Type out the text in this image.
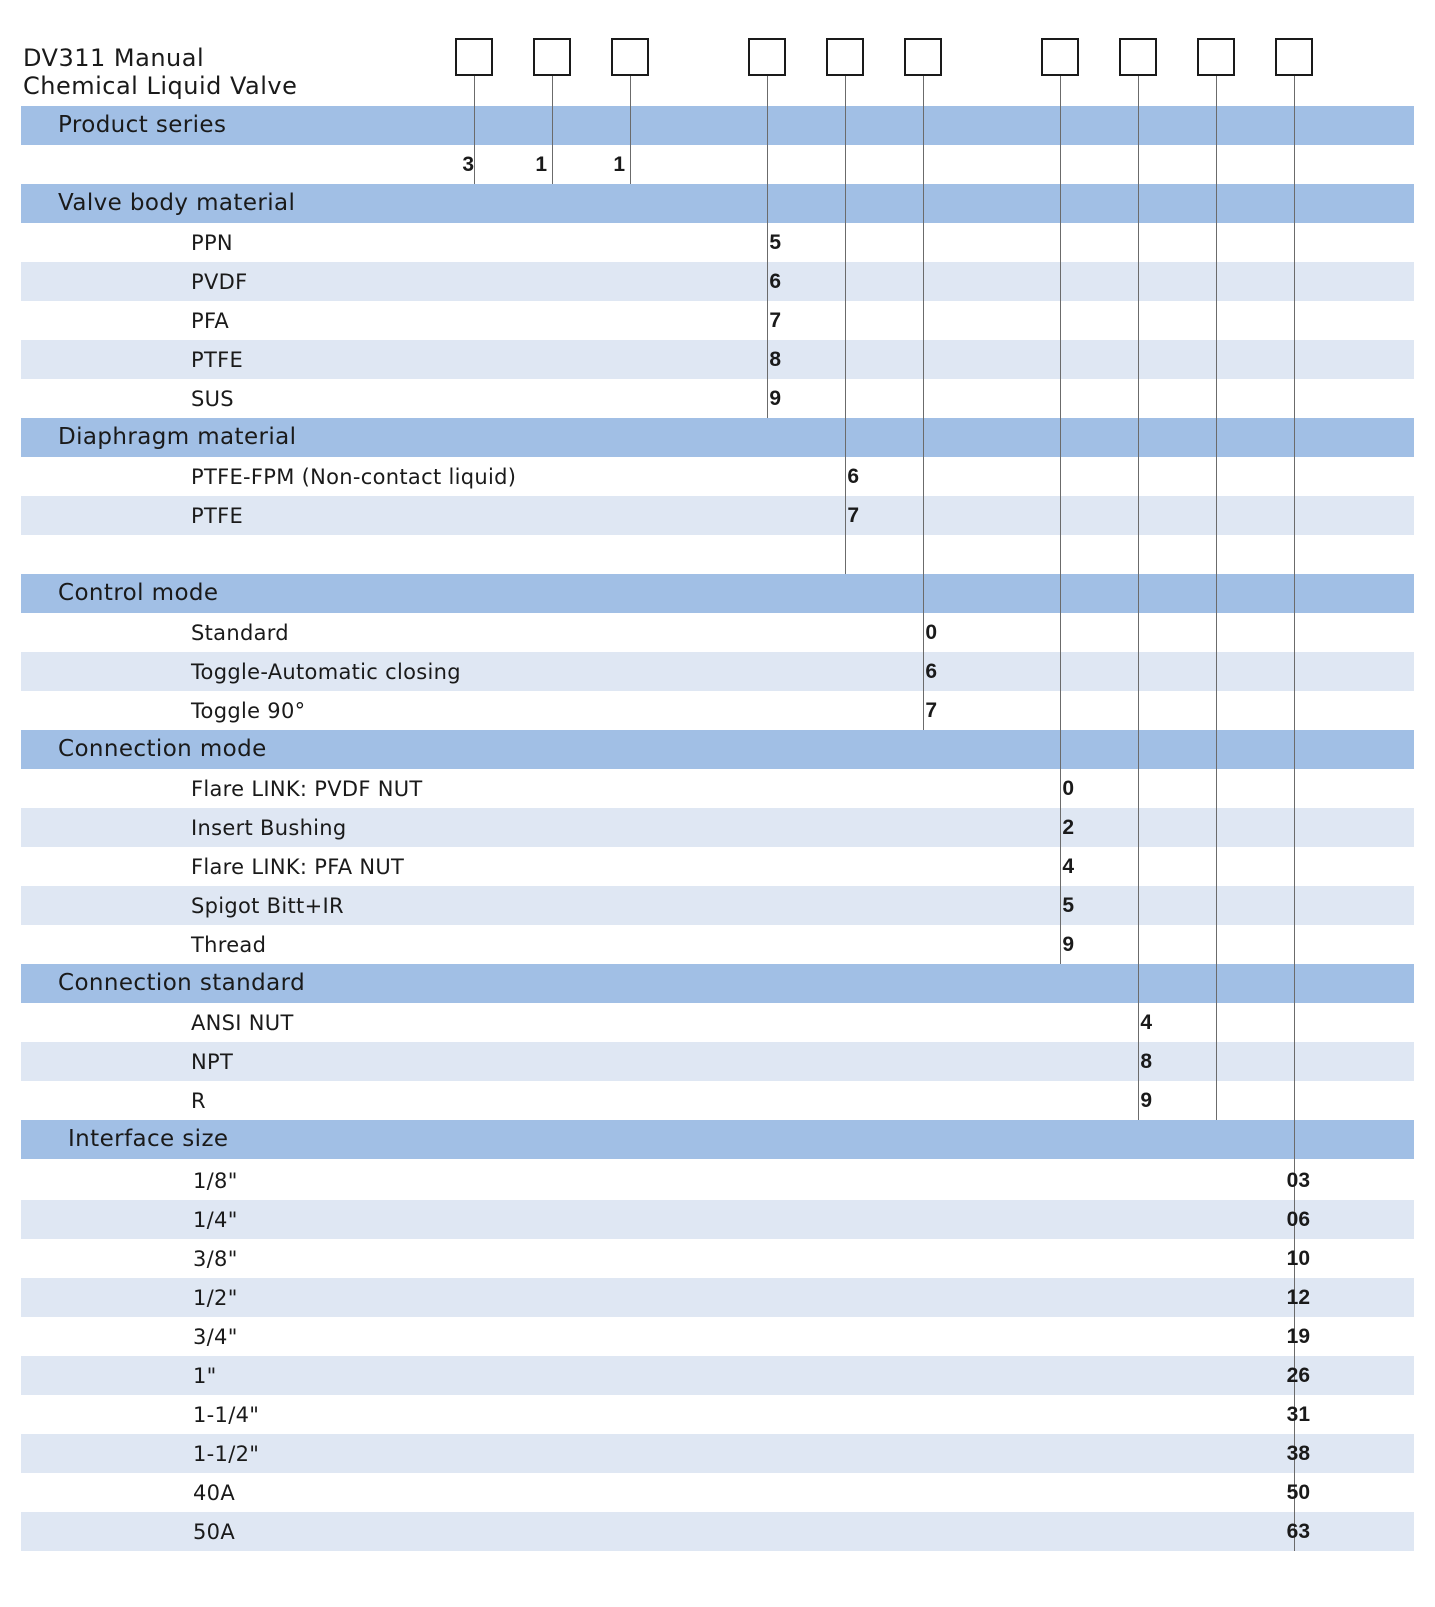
DV311 Manual
Chemical Liquid Valve
Product series
3	1	1
Valve body material
PPN	5
PVDF	6
PFA	7
PTFE	8
SUS	9
Diaphragm material
PTFE-FPM (Non-contact liquid)	6
PTFE	7
Control mode
Standard	0
Toggle-Automatic closing	6
Toggle 90°	7
Connection mode
Flare LINK: PVDF NUT	0
Insert Bushing	2
Flare LINK: PFA NUT	4
Spigot Bitt+IR	5
Thread	9
Connection standard
ANSI NUT	4
NPT	8
R	9
Interface size
1/8"	03
1/4"	06
3/8"	10
1/2"	12
3/4"	19
1"	26
1-1/4"	31
1-1/2"	38
40A	50
50A	63
